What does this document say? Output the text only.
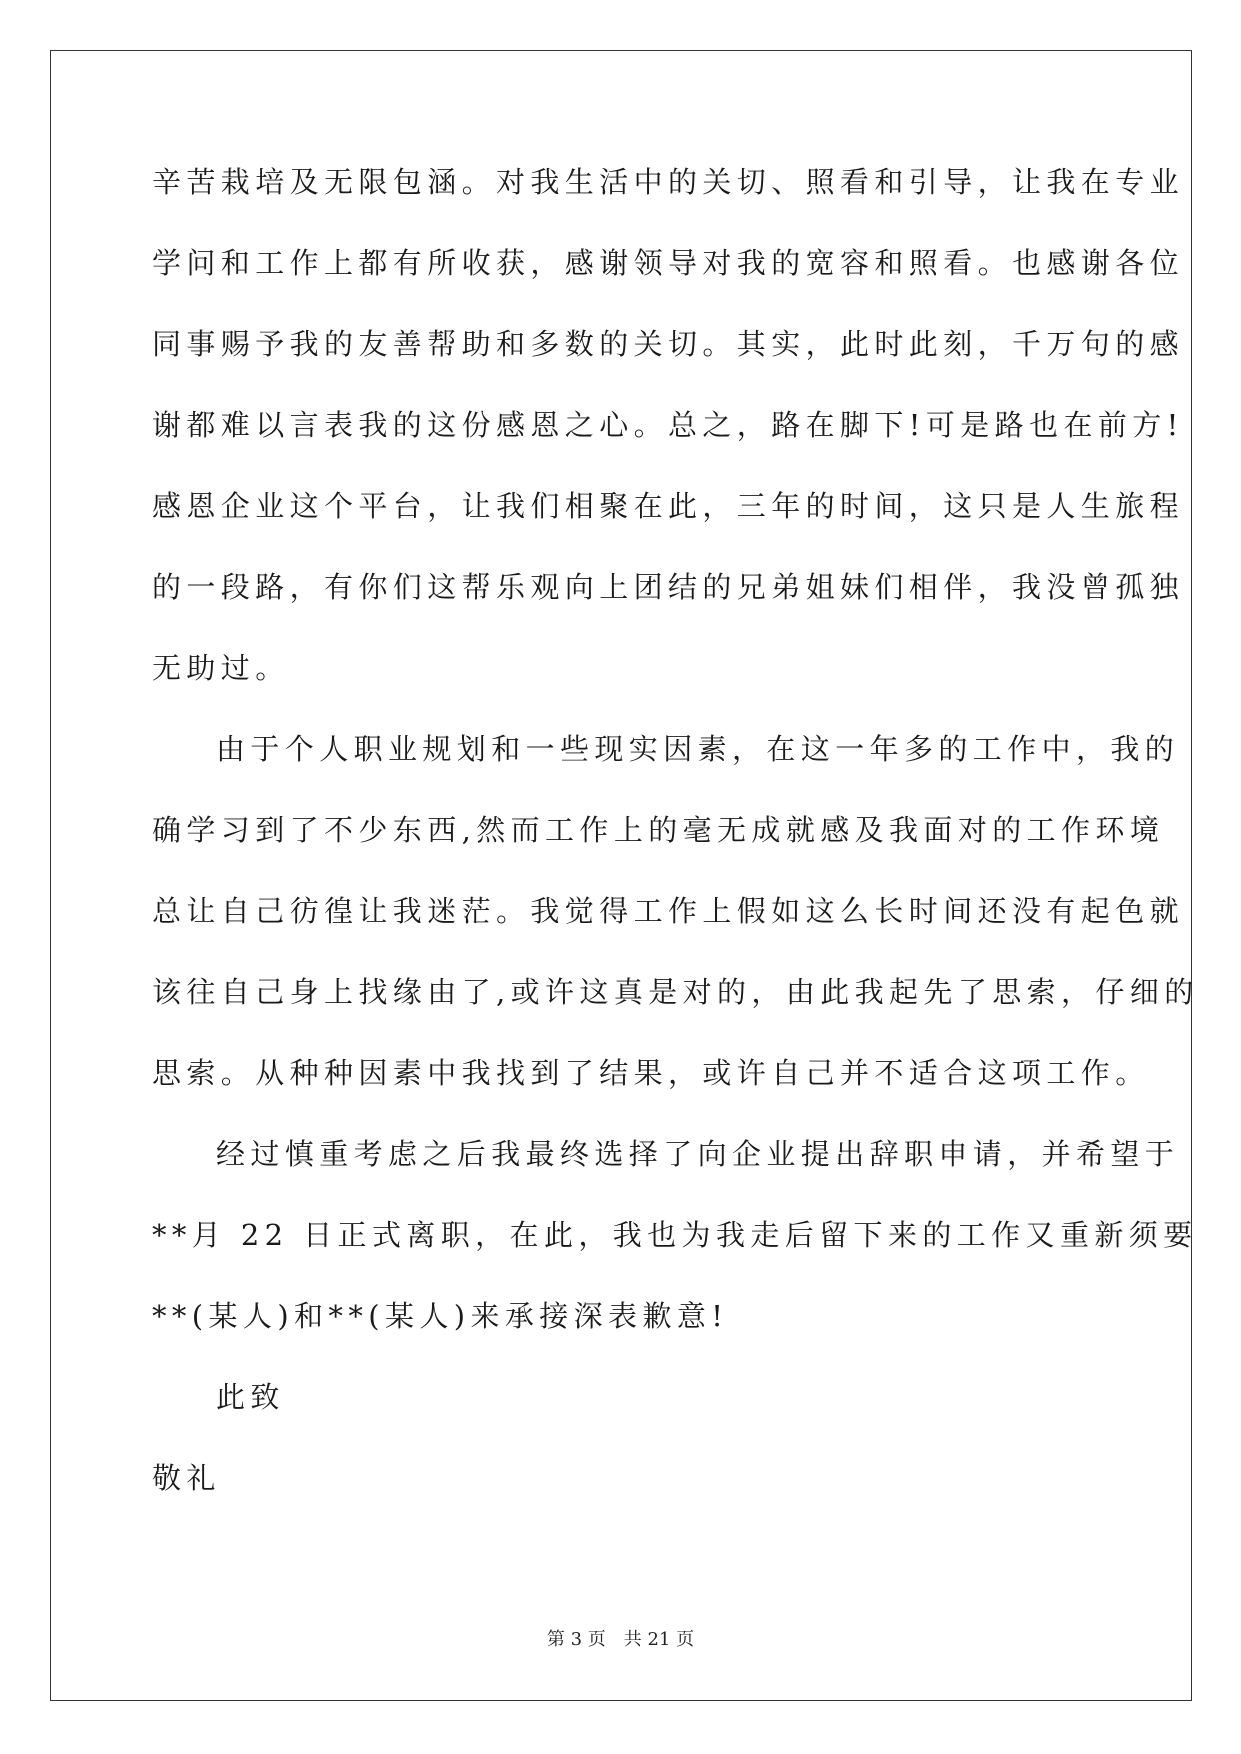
辛苦栽培及无限包涵。对我生活中的关切、照看和引导，让我在专业
学问和工作上都有所收获，感谢领导对我的宽容和照看。也感谢各位
同事赐予我的友善帮助和多数的关切。其实，此时此刻，千万句的感
谢都难以言表我的这份感恩之心。总之，路在脚下!可是路也在前方!
感恩企业这个平台，让我们相聚在此，三年的时间，这只是人生旅程
的一段路，有你们这帮乐观向上团结的兄弟姐妹们相伴，我没曾孤独
无助过。
由于个人职业规划和一些现实因素，在这一年多的工作中，我的
确学习到了不少东西,然而工作上的毫无成就感及我面对的工作环境
总让自己彷徨让我迷茫。我觉得工作上假如这么长时间还没有起色就
该往自己身上找缘由了,或许这真是对的，由此我起先了思索，仔细的
思索。从种种因素中我找到了结果，或许自己并不适合这项工作。
经过慎重考虑之后我最终选择了向企业提出辞职申请，并希望于
**月 22 日正式离职，在此，我也为我走后留下来的工作又重新须要
**(某人)和**(某人)来承接深表歉意!
此致
敬礼
第 3 页 共 21 页
